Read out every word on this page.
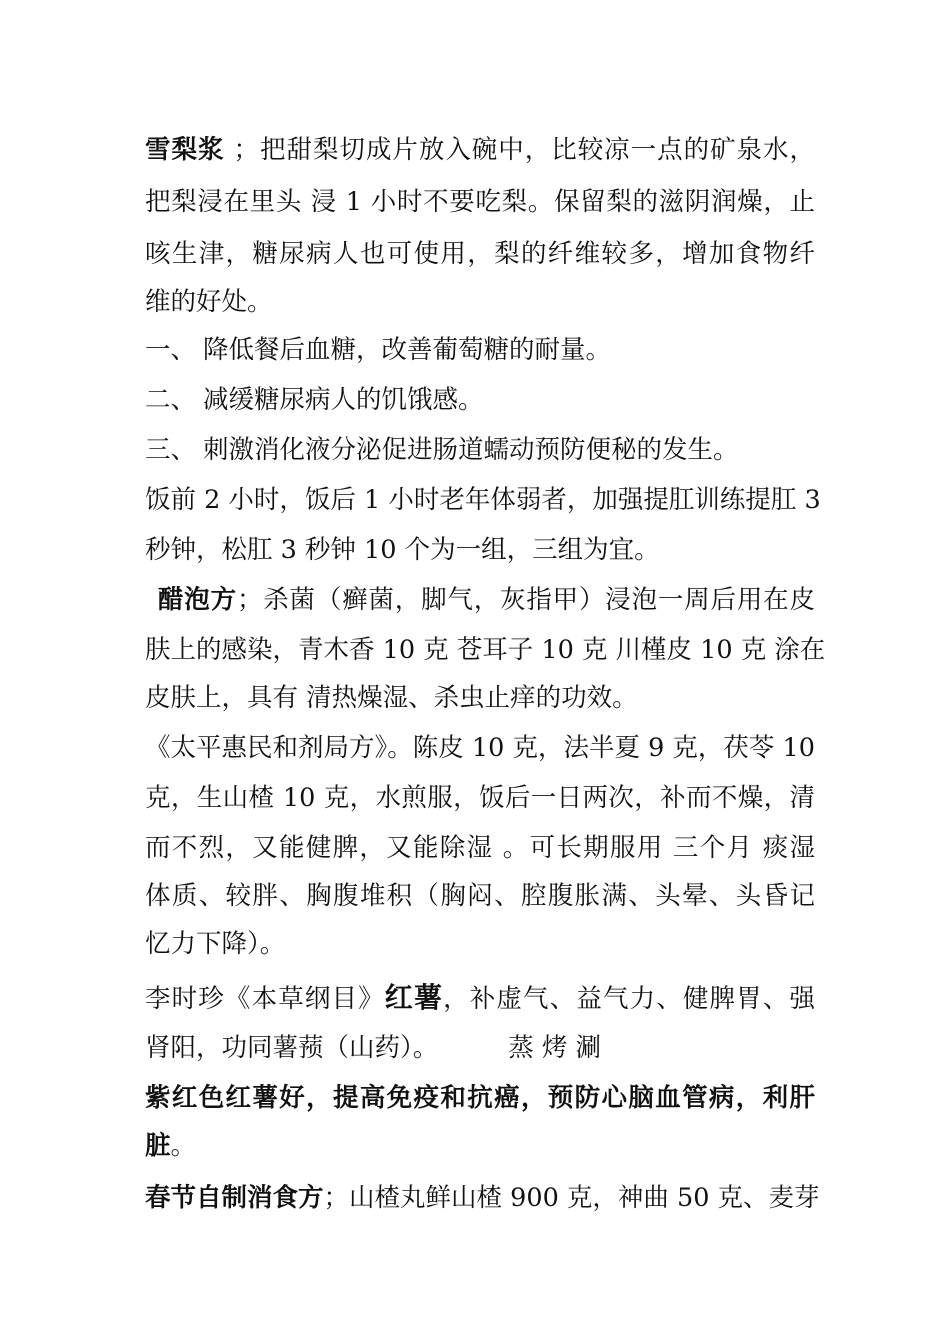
雪梨浆 ；把甜梨切成片放入碗中，比较凉一点的矿泉水，
把梨浸在里头 浸 1 小时不要吃梨。保留梨的滋阴润燥，止
咳生津，糖尿病人也可使用，梨的纤维较多，增加食物纤
维的好处。
一、 降低餐后血糖，改善葡萄糖的耐量。
二、 减缓糖尿病人的饥饿感。
三、 刺激消化液分泌促进肠道蠕动预防便秘的发生。
饭前 2 小时，饭后 1 小时老年体弱者，加强提肛训练提肛 3
秒钟，松肛 3 秒钟 10 个为一组，三组为宜。
醋泡方；杀菌（癣菌，脚气，灰指甲）浸泡一周后用在皮
肤上的感染，青木香 10 克 苍耳子 10 克 川槿皮 10 克 涂在
皮肤上，具有 清热燥湿、杀虫止痒的功效。
《太平惠民和剂局方》。陈皮 10 克，法半夏 9 克，茯苓 10
克，生山楂 10 克，水煎服，饭后一日两次，补而不燥，清
而不烈，又能健脾，又能除湿 。可长期服用 三个月 痰湿
体质、较胖、胸腹堆积（胸闷、腔腹胀满、头晕、头昏记
忆力下降）。
李时珍《本草纲目》红薯，补虚气、益气力、健脾胃、强
肾阳，功同薯蓣（山药）。	蒸 烤 涮
紫红色红薯好，提高免疫和抗癌，预防心脑血管病，利肝
脏。
春节自制消食方；山楂丸鲜山楂 900 克，神曲 50 克、麦芽
